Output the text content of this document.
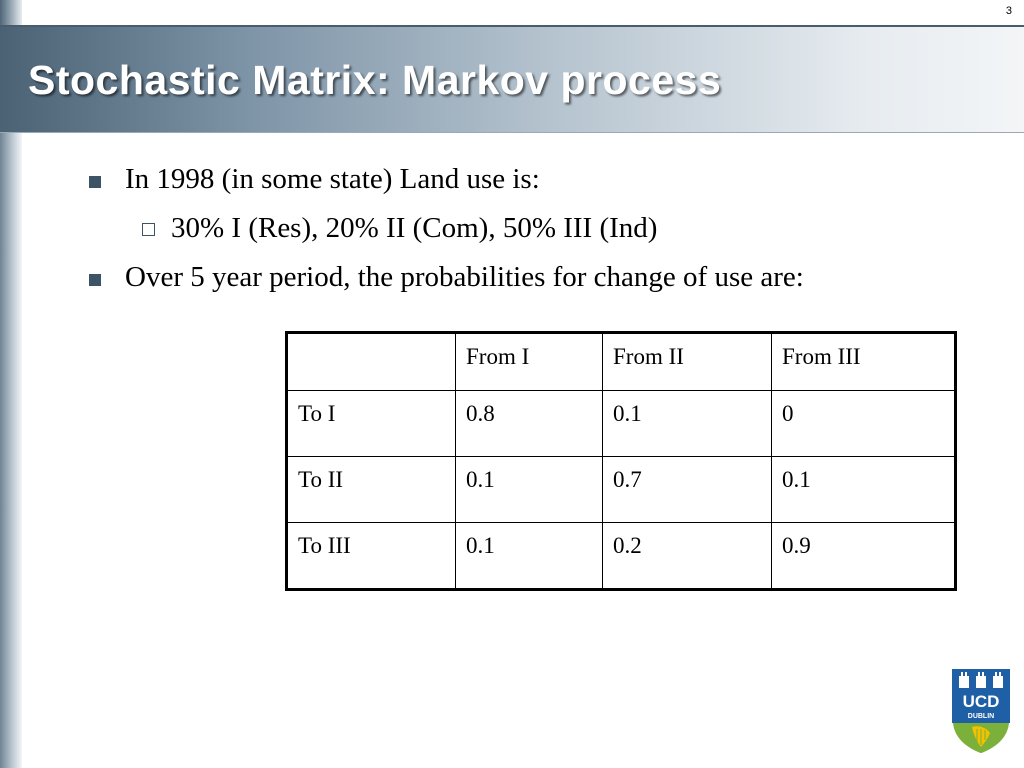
3
Stochastic Matrix: Markov process
In 1998 (in some state) Land use is:
30% I (Res), 20% II (Com), 50% III (Ind)
Over 5 year period, the probabilities for change of use are:
	From I	From II	From III
To I	0.8	0.1	0
To II	0.1	0.7	0.1
To III	0.1	0.2	0.9
UCD
DUBLIN
